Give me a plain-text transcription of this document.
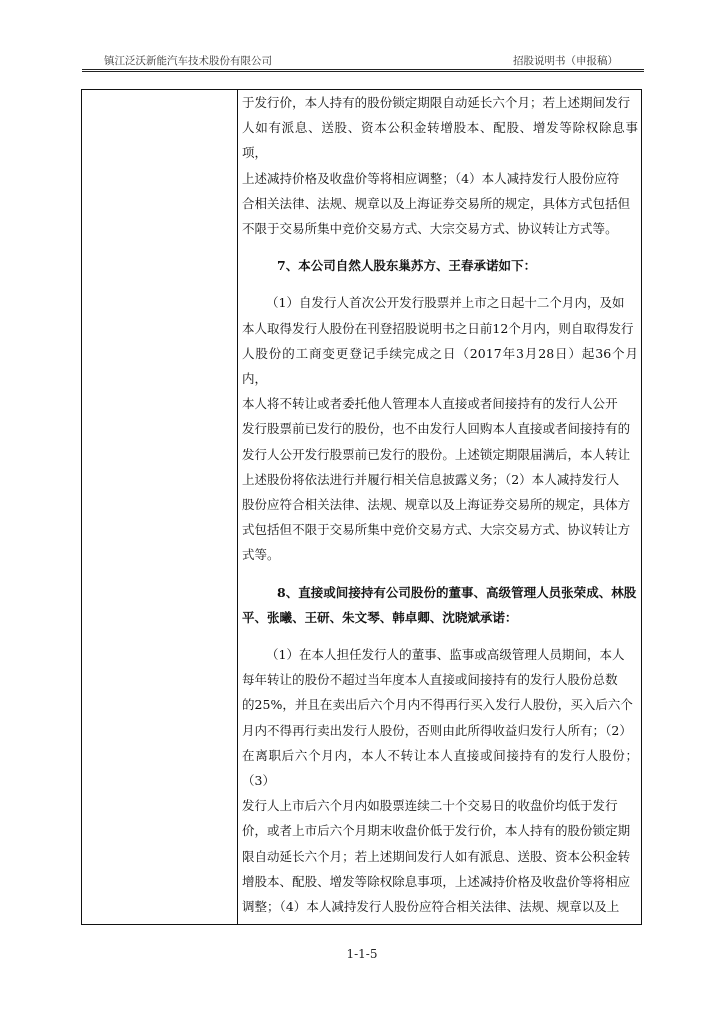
镇江泛沃新能汽车技术股份有限公司	招股说明书（申报稿）

于发行价，本人持有的股份锁定期限自动延长六个月；若上述期间发行

人如有派息、送股、资本公积金转增股本、配股、增发等除权除息事项，

上述减持价格及收盘价等将相应调整；（4）本人减持发行人股份应符

合相关法律、法规、规章以及上海证券交易所的规定，具体方式包括但

不限于交易所集中竞价交易方式、大宗交易方式、协议转让方式等。

7、本公司自然人股东巢苏方、王春承诺如下：

（1）自发行人首次公开发行股票并上市之日起十二个月内，及如

本人取得发行人股份在刊登招股说明书之日前12个月内，则自取得发行

人股份的工商变更登记手续完成之日（2017年3月28日）起36个月内，

本人将不转让或者委托他人管理本人直接或者间接持有的发行人公开

发行股票前已发行的股份，也不由发行人回购本人直接或者间接持有的

发行人公开发行股票前已发行的股份。上述锁定期限届满后，本人转让

上述股份将依法进行并履行相关信息披露义务；（2）本人减持发行人

股份应符合相关法律、法规、规章以及上海证券交易所的规定，具体方

式包括但不限于交易所集中竞价交易方式、大宗交易方式、协议转让方

式等。

8、直接或间接持有公司股份的董事、高级管理人员张荣成、林股

平、张曦、王研、朱文琴、韩卓卿、沈晓斌承诺：

（1）在本人担任发行人的董事、监事或高级管理人员期间，本人

每年转让的股份不超过当年度本人直接或间接持有的发行人股份总数

的25%，并且在卖出后六个月内不得再行买入发行人股份，买入后六个

月内不得再行卖出发行人股份，否则由此所得收益归发行人所有；（2）

在离职后六个月内，本人不转让本人直接或间接持有的发行人股份；（3）

发行人上市后六个月内如股票连续二十个交易日的收盘价均低于发行

价，或者上市后六个月期末收盘价低于发行价，本人持有的股份锁定期

限自动延长六个月；若上述期间发行人如有派息、送股、资本公积金转

增股本、配股、增发等除权除息事项，上述减持价格及收盘价等将相应

调整；（4）本人减持发行人股份应符合相关法律、法规、规章以及上

1-1-5
